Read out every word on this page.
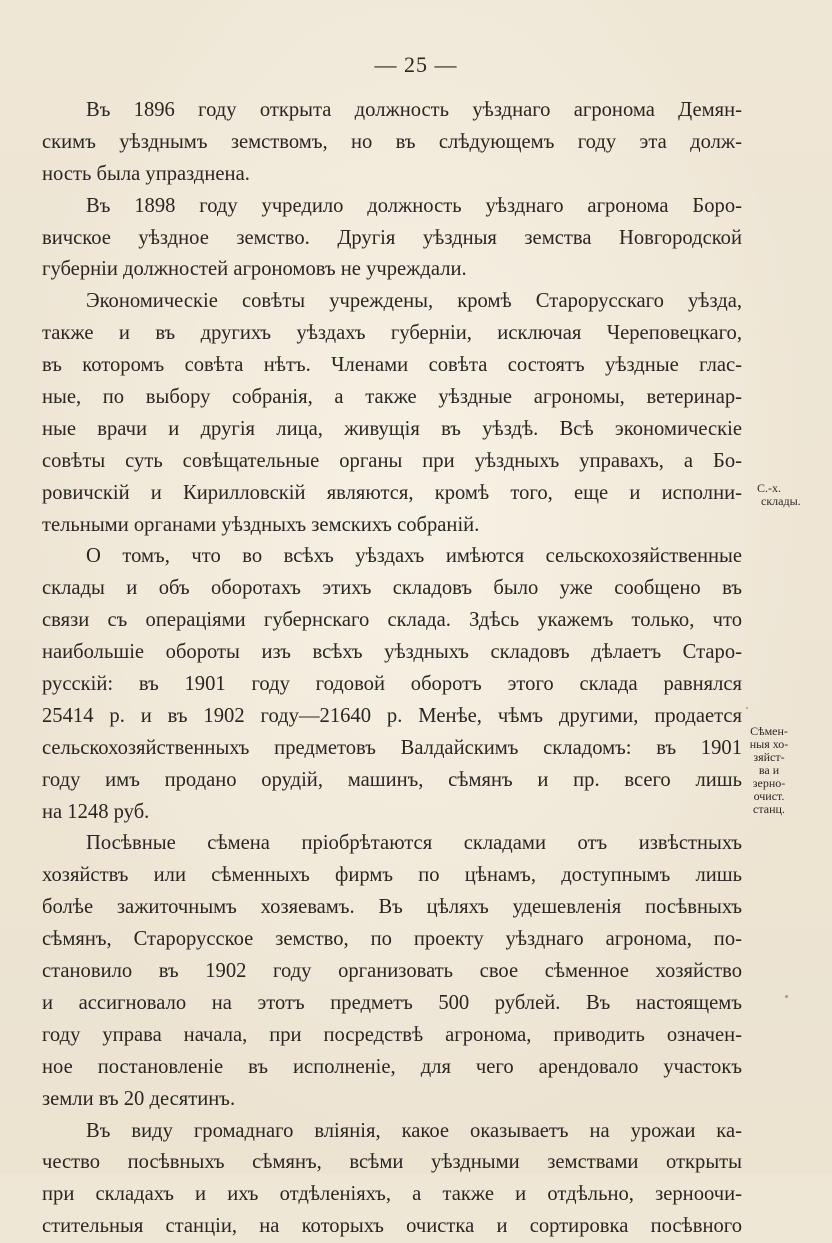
— 25 —
Въ 1896 году открыта должность уѣзднаго агронома Демян-
скимъ уѣзднымъ земствомъ, но въ слѣдующемъ году эта долж-
ность была упразднена.
Въ 1898 году учредило должность уѣзднаго агронома Боро-
вичское уѣздное земство. Другія уѣздныя земства Новгородской
губерніи должностей агрономовъ не учреждали.
Экономическіе совѣты учреждены, кромѣ Старорусскаго уѣзда,
также и въ другихъ уѣздахъ губерніи, исключая Череповецкаго,
въ которомъ совѣта нѣтъ. Членами совѣта состоятъ уѣздные глас-
ные, по выбору собранія, а также уѣздные агрономы, ветеринар-
ные врачи и другія лица, живущія въ уѣздѣ. Всѣ экономическіе
совѣты суть совѣщательные органы при уѣздныхъ управахъ, а Бо-
ровичскій и Кирилловскій являются, кромѣ того, еще и исполни-
тельными органами уѣздныхъ земскихъ собраній.
О томъ, что во всѣхъ уѣздахъ имѣются сельскохозяйственные
склады и объ оборотахъ этихъ складовъ было уже сообщено въ
связи съ операціями губернскаго склада. Здѣсь укажемъ только, что
наибольшіе обороты изъ всѣхъ уѣздныхъ складовъ дѣлаетъ Старо-
русскій: въ 1901 году годовой оборотъ этого склада равнялся
25414 р. и въ 1902 году—21640 р. Менѣе, чѣмъ другими, продается
сельскохозяйственныхъ предметовъ Валдайскимъ складомъ: въ 1901
году имъ продано орудій, машинъ, сѣмянъ и пр. всего лишь
на 1248 руб.
Посѣвные сѣмена пріобрѣтаются складами отъ извѣстныхъ
хозяйствъ или сѣменныхъ фирмъ по цѣнамъ, доступнымъ лишь
болѣе зажиточнымъ хозяевамъ. Въ цѣляхъ удешевленія посѣвныхъ
сѣмянъ, Старорусское земство, по проекту уѣзднаго агронома, по-
становило въ 1902 году организовать свое сѣменное хозяйство
и ассигновало на этотъ предметъ 500 рублей. Въ настоящемъ
году управа начала, при посредствѣ агронома, приводить означен-
ное постановленіе въ исполненіе, для чего арендовало участокъ
земли въ 20 десятинъ.
Въ виду громаднаго вліянія, какое оказываетъ на урожаи ка-
чество посѣвныхъ сѣмянъ, всѣми уѣздными земствами открыты
при складахъ и ихъ отдѣленіяхъ, а также и отдѣльно, зерноочи-
стительныя станціи, на которыхъ очистка и сортировка посѣвного
С.-х.
склады.
Сѣмен-
ныя хо-
зяйст-
ва и
зерно-
очист.
станц.
